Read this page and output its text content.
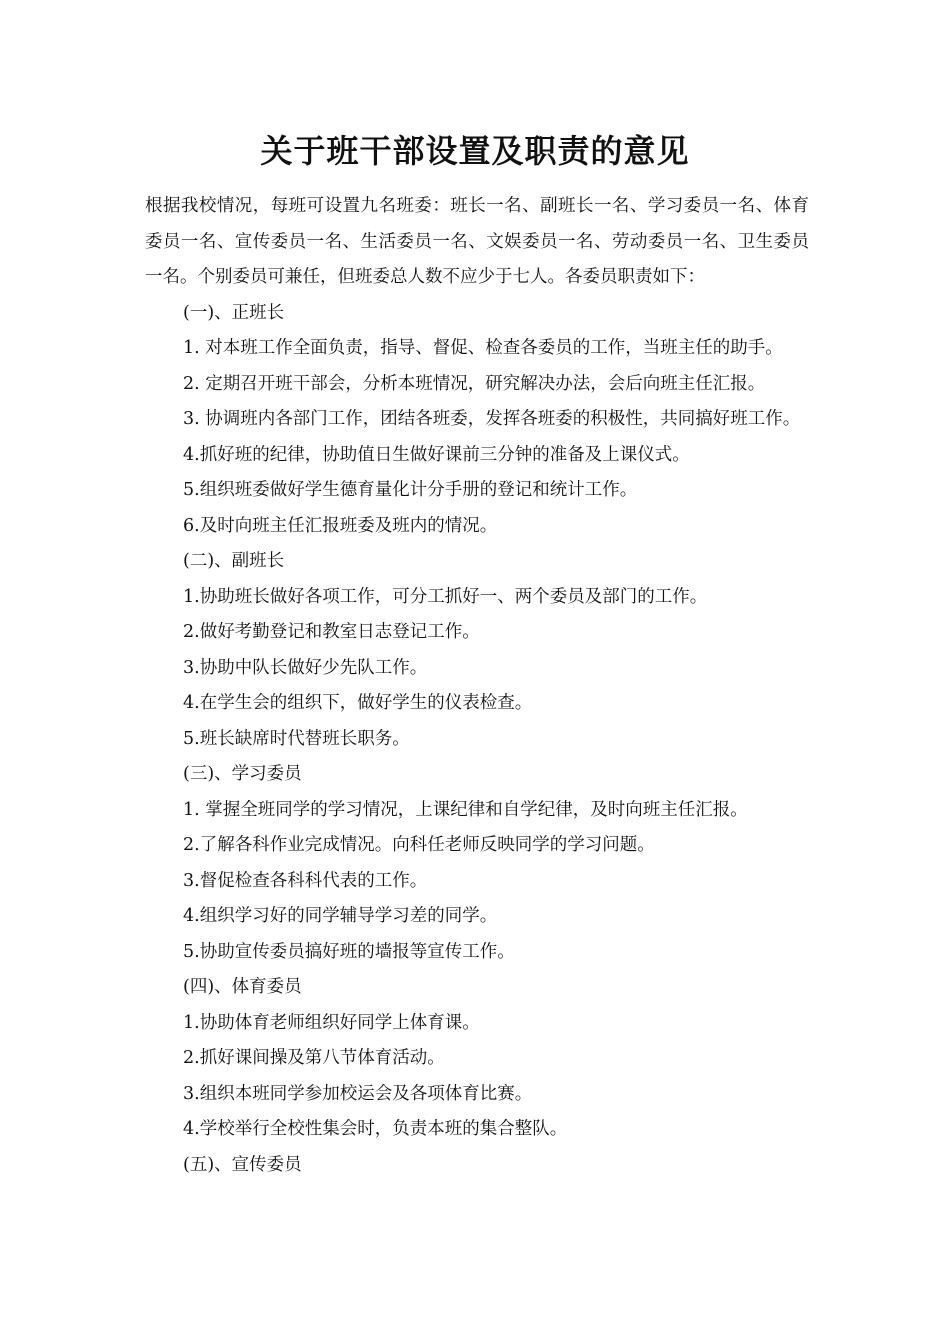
关于班干部设置及职责的意见

根据我校情况，每班可设置九名班委：班长一名、副班长一名、学习委员一名、体育委员一名、宣传委员一名、生活委员一名、文娱委员一名、劳动委员一名、卫生委员一名。个别委员可兼任，但班委总人数不应少于七人。各委员职责如下：

(一)、正班长

1. 对本班工作全面负责，指导、督促、检查各委员的工作，当班主任的助手。

2. 定期召开班干部会，分析本班情况，研究解决办法，会后向班主任汇报。

3. 协调班内各部门工作，团结各班委，发挥各班委的积极性，共同搞好班工作。

4.抓好班的纪律，协助值日生做好课前三分钟的准备及上课仪式。

5.组织班委做好学生德育量化计分手册的登记和统计工作。

6.及时向班主任汇报班委及班内的情况。

(二)、副班长

1.协助班长做好各项工作，可分工抓好一、两个委员及部门的工作。

2.做好考勤登记和教室日志登记工作。

3.协助中队长做好少先队工作。

4.在学生会的组织下，做好学生的仪表检查。

5.班长缺席时代替班长职务。

(三)、学习委员

1. 掌握全班同学的学习情况，上课纪律和自学纪律，及时向班主任汇报。

2.了解各科作业完成情况。向科任老师反映同学的学习问题。

3.督促检查各科科代表的工作。

4.组织学习好的同学辅导学习差的同学。

5.协助宣传委员搞好班的墙报等宣传工作。

(四)、体育委员

1.协助体育老师组织好同学上体育课。

2.抓好课间操及第八节体育活动。

3.组织本班同学参加校运会及各项体育比赛。

4.学校举行全校性集会时，负责本班的集合整队。

(五)、宣传委员
